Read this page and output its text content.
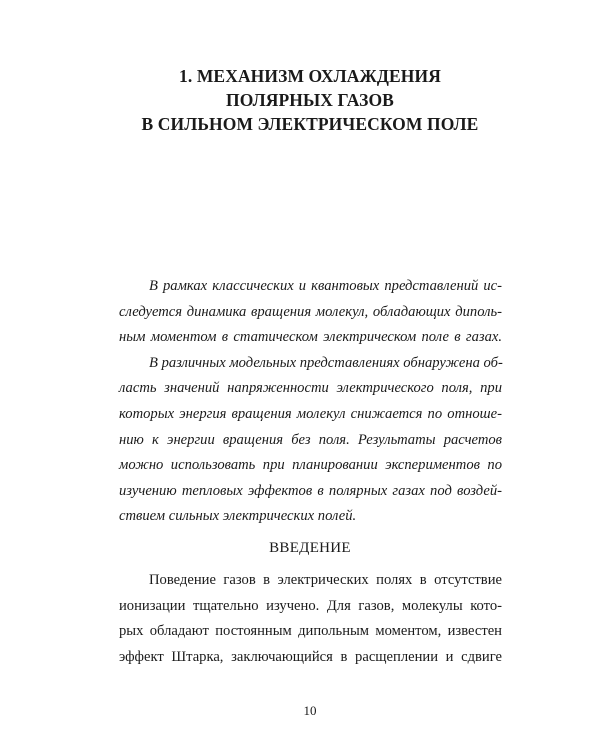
1. МЕХАНИЗМ ОХЛАЖДЕНИЯ
ПОЛЯРНЫХ ГАЗОВ
В СИЛЬНОМ ЭЛЕКТРИЧЕСКОМ ПОЛЕ
В рамках классических и квантовых представлений ис-
следуется динамика вращения молекул, обладающих диполь-
ным моментом в статическом электрическом поле в газах.
В различных модельных представлениях обнаружена об-
ласть значений напряженности электрического поля, при
которых энергия вращения молекул снижается по отноше-
нию к энергии вращения без поля. Результаты расчетов
можно использовать при планировании экспериментов по
изучению тепловых эффектов в полярных газах под воздей-
ствием сильных электрических полей.
ВВЕДЕНИЕ
Поведение газов в электрических полях в отсутствие
ионизации тщательно изучено. Для газов, молекулы кото-
рых обладают постоянным дипольным моментом, известен
эффект Штарка, заключающийся в расщеплении и сдвиге
10
